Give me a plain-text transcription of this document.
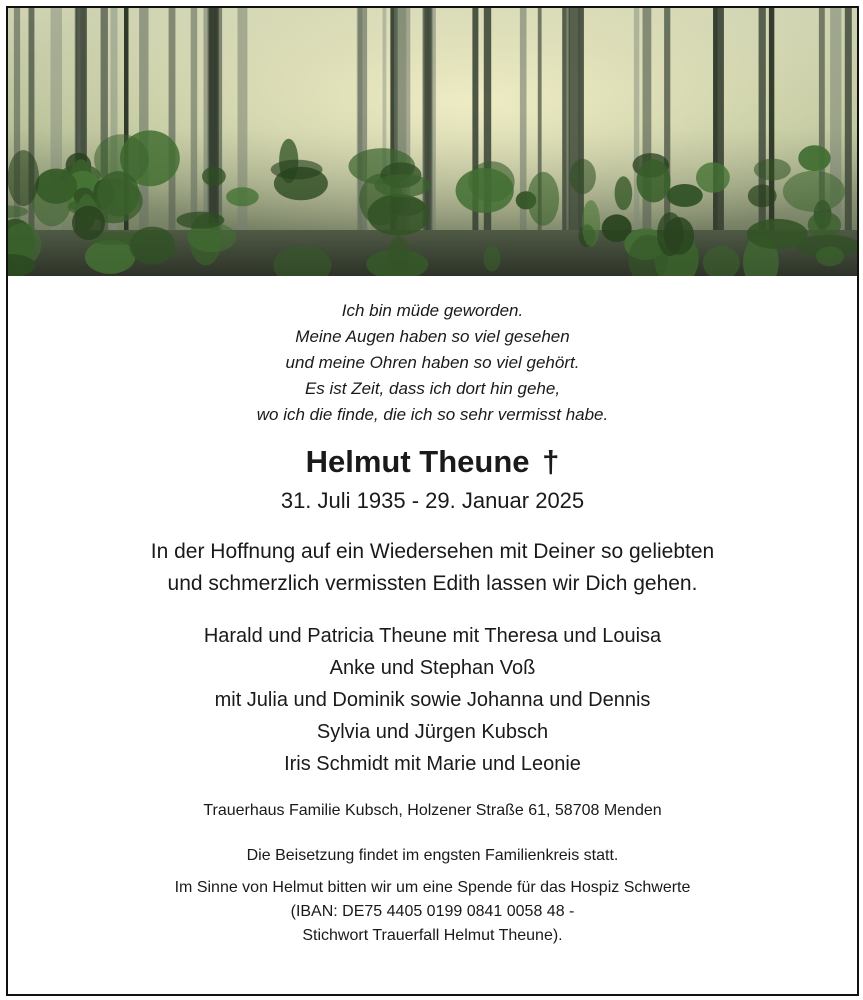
Ich bin müde geworden.
Meine Augen haben so viel gesehen
und meine Ohren haben so viel gehört.
Es ist Zeit, dass ich dort hin gehe,
wo ich die finde, die ich so sehr vermisst habe.
Helmut Theune †
31. Juli 1935 - 29. Januar 2025
In der Hoffnung auf ein Wiedersehen mit Deiner so geliebten
und schmerzlich vermissten Edith lassen wir Dich gehen.
Harald und Patricia Theune mit Theresa und Louisa
Anke und Stephan Voß
mit Julia und Dominik sowie Johanna und Dennis
Sylvia und Jürgen Kubsch
Iris Schmidt mit Marie und Leonie
Trauerhaus Familie Kubsch, Holzener Straße 61, 58708 Menden
Die Beisetzung findet im engsten Familienkreis statt.
Im Sinne von Helmut bitten wir um eine Spende für das Hospiz Schwerte
(IBAN: DE75 4405 0199 0841 0058 48 -
Stichwort Trauerfall Helmut Theune).
